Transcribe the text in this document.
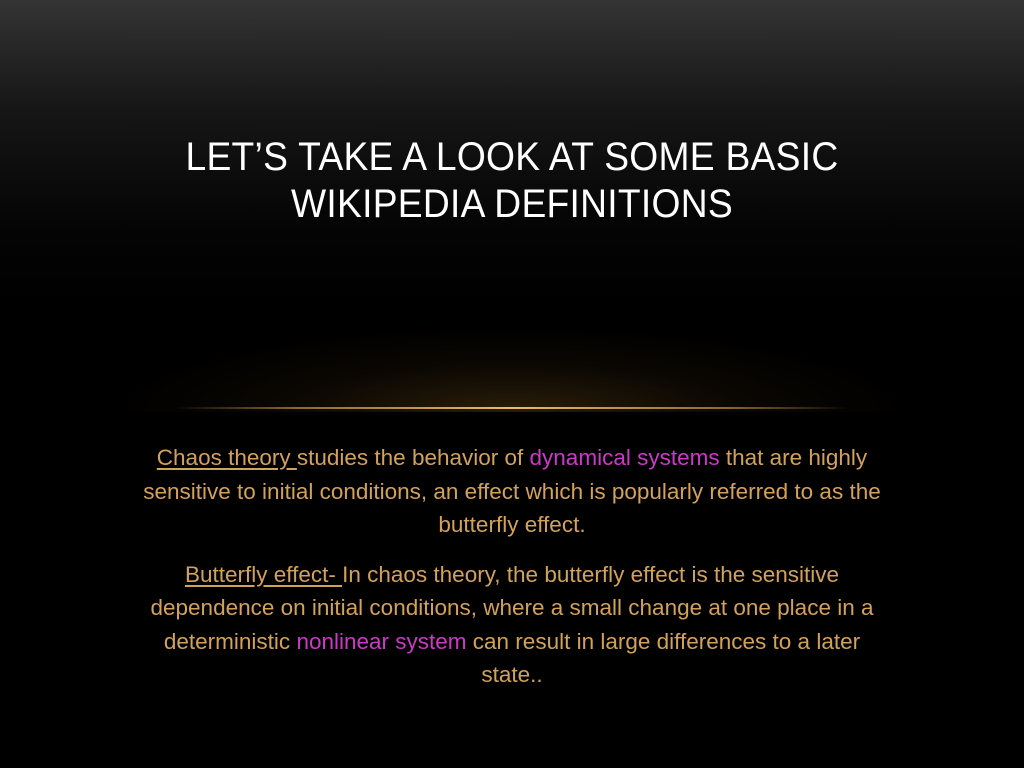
LET’S TAKE A LOOK AT SOME BASIC
WIKIPEDIA DEFINITIONS

Chaos theory studies the behavior of dynamical systems that are highly sensitive to initial conditions, an effect which is popularly referred to as the butterfly effect.

Butterfly effect- In chaos theory, the butterfly effect is the sensitive dependence on initial conditions, where a small change at one place in a deterministic nonlinear system can result in large differences to a later state..
